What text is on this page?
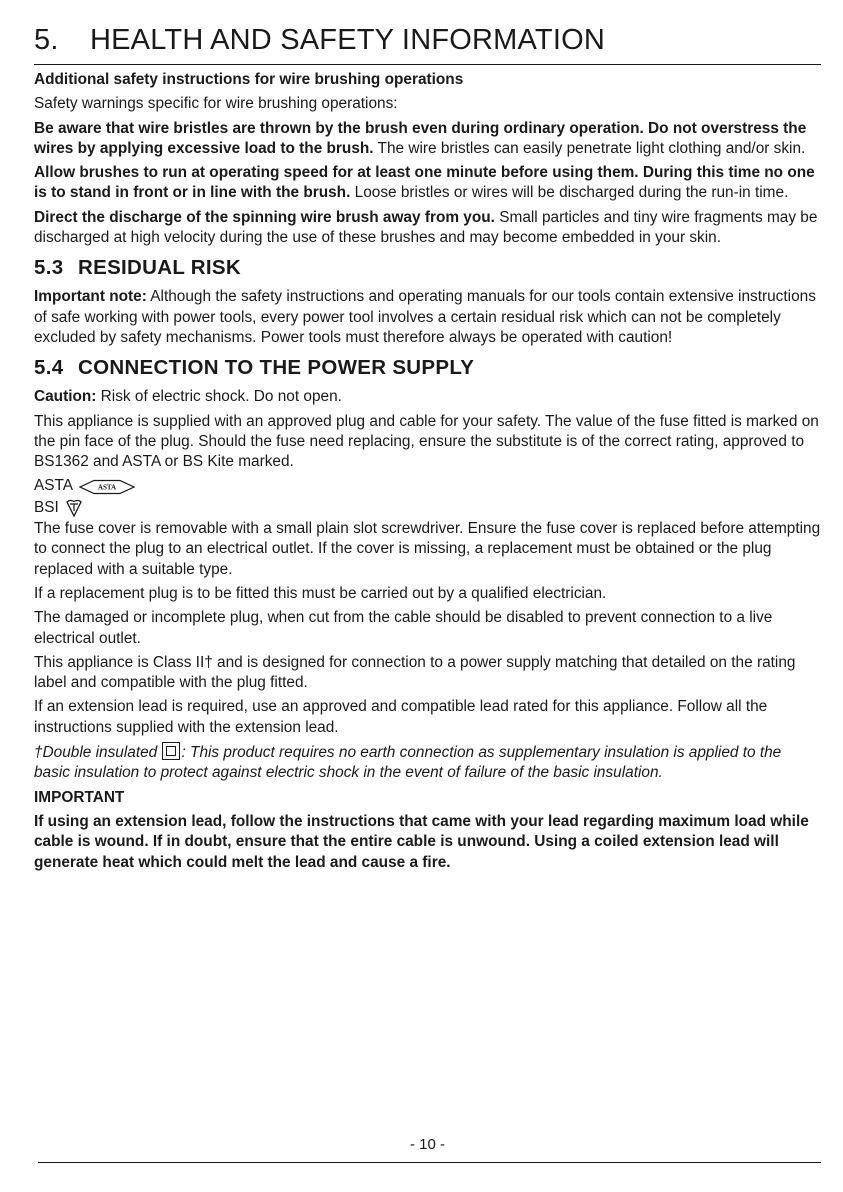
5. HEALTH AND SAFETY INFORMATION

Additional safety instructions for wire brushing operations

Safety warnings specific for wire brushing operations:

Be aware that wire bristles are thrown by the brush even during ordinary operation. Do not overstress the wires by applying excessive load to the brush. The wire bristles can easily penetrate light clothing and/or skin.

Allow brushes to run at operating speed for at least one minute before using them. During this time no one is to stand in front or in line with the brush. Loose bristles or wires will be discharged during the run-in time.

Direct the discharge of the spinning wire brush away from you. Small particles and tiny wire fragments may be discharged at high velocity during the use of these brushes and may become embedded in your skin.

5.3 RESIDUAL RISK

Important note: Although the safety instructions and operating manuals for our tools contain extensive instructions of safe working with power tools, every power tool involves a certain residual risk which can not be completely excluded by safety mechanisms. Power tools must therefore always be operated with caution!

5.4 CONNECTION TO THE POWER SUPPLY

Caution: Risk of electric shock. Do not open.

This appliance is supplied with an approved plug and cable for your safety. The value of the fuse fitted is marked on the pin face of the plug. Should the fuse need replacing, ensure the substitute is of the correct rating, approved to BS1362 and ASTA or BS Kite marked.

ASTA	ASTA
BSI

The fuse cover is removable with a small plain slot screwdriver. Ensure the fuse cover is replaced before attempting to connect the plug to an electrical outlet. If the cover is missing, a replacement must be obtained or the plug replaced with a suitable type.

If a replacement plug is to be fitted this must be carried out by a qualified electrician.

The damaged or incomplete plug, when cut from the cable should be disabled to prevent connection to a live electrical outlet.

This appliance is Class II† and is designed for connection to a power supply matching that detailed on the rating label and compatible with the plug fitted.

If an extension lead is required, use an approved and compatible lead rated for this appliance. Follow all the instructions supplied with the extension lead.

†Double insulated : This product requires no earth connection as supplementary insulation is applied to the basic insulation to protect against electric shock in the event of failure of the basic insulation.

IMPORTANT

If using an extension lead, follow the instructions that came with your lead regarding maximum load while cable is wound. If in doubt, ensure that the entire cable is unwound. Using a coiled extension lead will generate heat which could melt the lead and cause a fire.

- 10 -
